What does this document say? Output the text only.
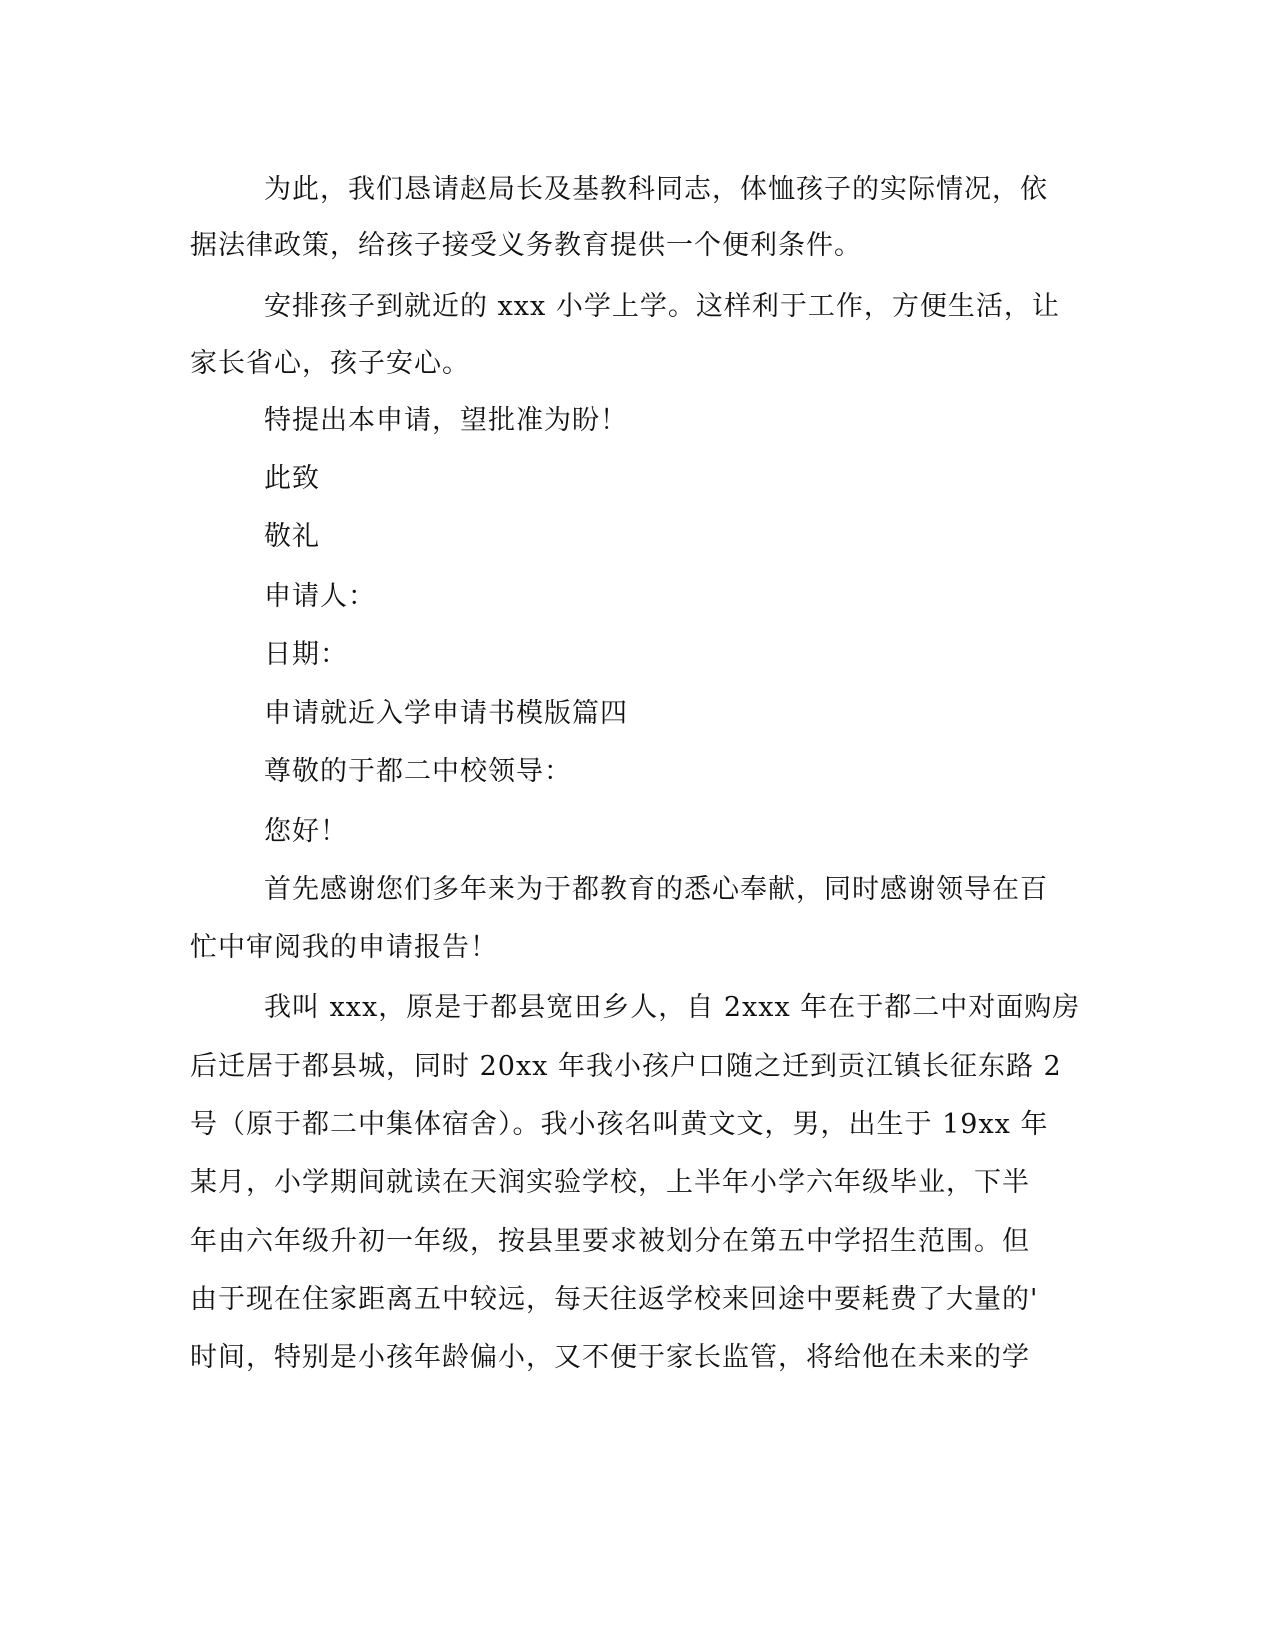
为此，我们恳请赵局长及基教科同志，体恤孩子的实际情况，依
据法律政策，给孩子接受义务教育提供一个便利条件。
安排孩子到就近的 xxx 小学上学。这样利于工作，方便生活，让
家长省心，孩子安心。
特提出本申请，望批准为盼！
此致
敬礼
申请人：
日期：
申请就近入学申请书模版篇四
尊敬的于都二中校领导：
您好！
首先感谢您们多年来为于都教育的悉心奉献，同时感谢领导在百
忙中审阅我的申请报告！
我叫 xxx，原是于都县宽田乡人，自 2xxx 年在于都二中对面购房
后迁居于都县城，同时 20xx 年我小孩户口随之迁到贡江镇长征东路 2
号（原于都二中集体宿舍）。我小孩名叫黄文文，男，出生于 19xx 年
某月，小学期间就读在天润实验学校，上半年小学六年级毕业，下半
年由六年级升初一年级，按县里要求被划分在第五中学招生范围。但
由于现在住家距离五中较远，每天往返学校来回途中要耗费了大量的'
时间，特别是小孩年龄偏小，又不便于家长监管，将给他在未来的学
